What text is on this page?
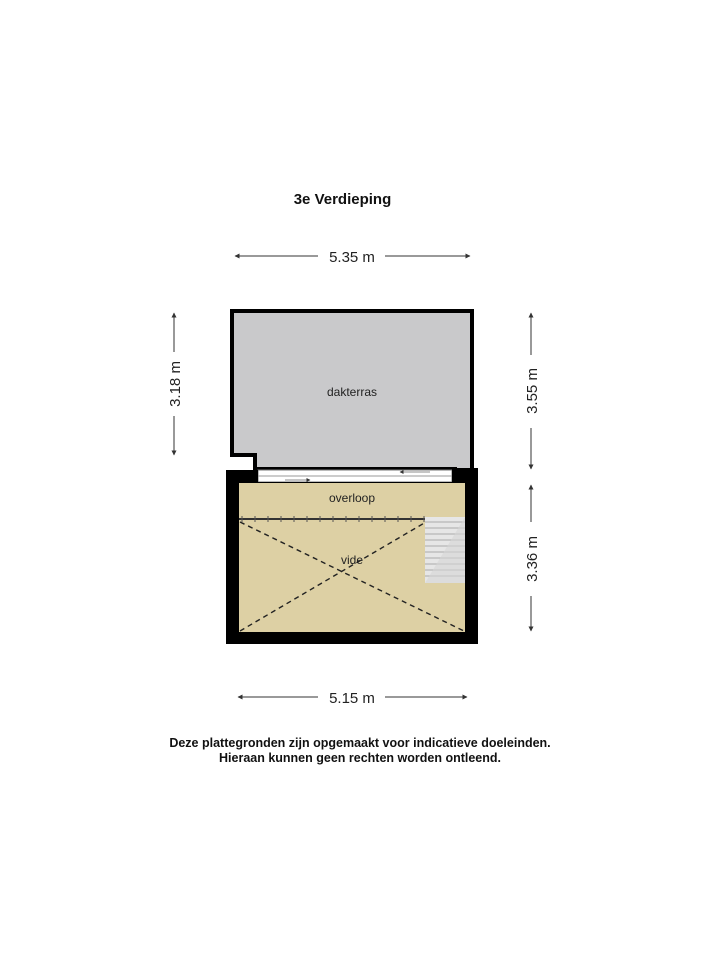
3e Verdieping
dakterras
overloop
vide
5.35 m
5.15 m
3.18 m	3.55 m
3.36 m
Deze plattegronden zijn opgemaakt voor indicatieve doeleinden.
Hieraan kunnen geen rechten worden ontleend.
